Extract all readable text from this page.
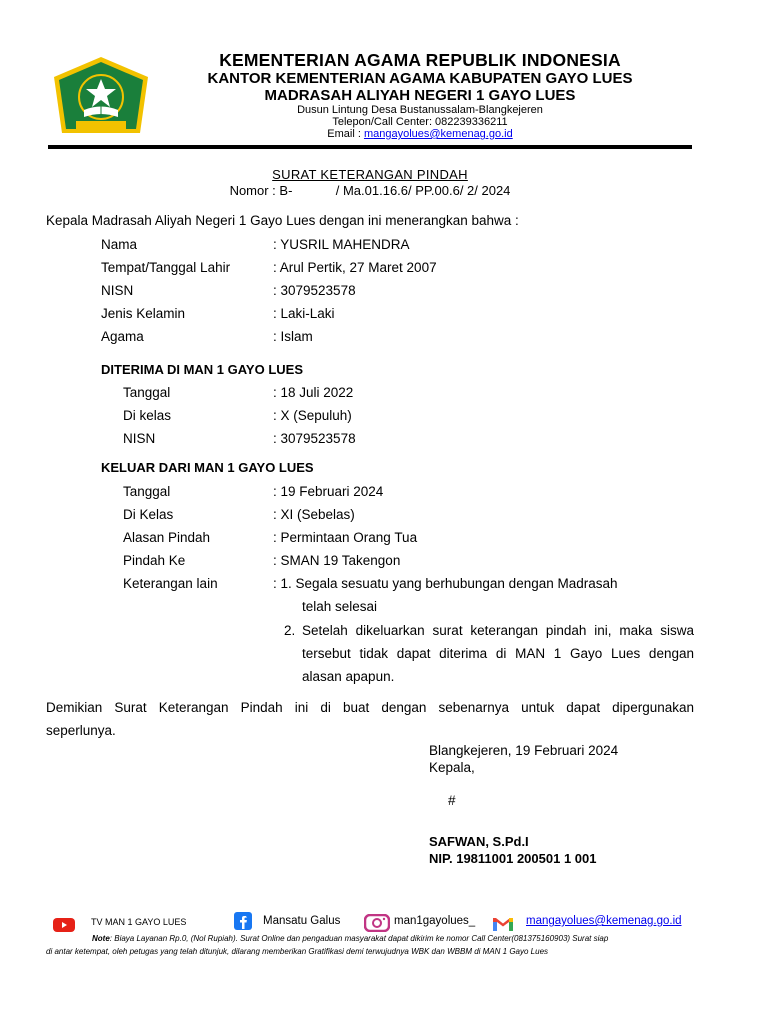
KEMENTERIAN AGAMA REPUBLIK INDONESIA
KANTOR KEMENTERIAN AGAMA KABUPATEN GAYO LUES
MADRASAH ALIYAH NEGERI 1 GAYO LUES
Dusun Lintung Desa Bustanussalam-Blangkejeren
Telepon/Call Center: 082239336211
Email : mangayolues@kemenag.go.id
SURAT KETERANGAN PINDAH
Nomor : B-            / Ma.01.16.6/ PP.00.6/ 2/ 2024
Kepala Madrasah Aliyah Negeri 1 Gayo Lues dengan ini menerangkan bahwa :
Nama	: YUSRIL MAHENDRA
Tempat/Tanggal Lahir	: Arul Pertik, 27 Maret 2007
NISN	: 3079523578
Jenis Kelamin	: Laki-Laki
Agama	: Islam
DITERIMA DI MAN 1 GAYO LUES
Tanggal	: 18 Juli 2022
Di kelas	: X (Sepuluh)
NISN	: 3079523578
KELUAR DARI MAN 1 GAYO LUES
Tanggal	: 19 Februari 2024
Di Kelas	: XI (Sebelas)
Alasan Pindah	: Permintaan Orang Tua
Pindah Ke	: SMAN 19 Takengon
Keterangan lain	: 1. Segala sesuatu yang berhubungan dengan Madrasah
telah selesai
2. Setelah dikeluarkan surat keterangan pindah ini, maka siswa
tersebut tidak dapat diterima di MAN 1 Gayo Lues dengan
alasan apapun.
Demikian Surat Keterangan Pindah ini di buat dengan sebenarnya untuk dapat dipergunakan
seperlunya.
Blangkejeren, 19 Februari 2024
Kepala,
#
SAFWAN, S.Pd.I
NIP. 19811001 200501 1 001
TV MAN 1 GAYO LUES	Mansatu Galus	man1gayolues_	mangayolues@kemenag.go.id
Note: Biaya Layanan Rp.0, (Nol Rupiah). Surat Online dan pengaduan masyarakat dapat dikirim ke nomor Call Center(081375160903) Surat siap
di antar ketempat, oleh petugas yang telah ditunjuk, dilarang memberikan Gratifikasi demi terwujudnya WBK dan WBBM di MAN 1 Gayo Lues
